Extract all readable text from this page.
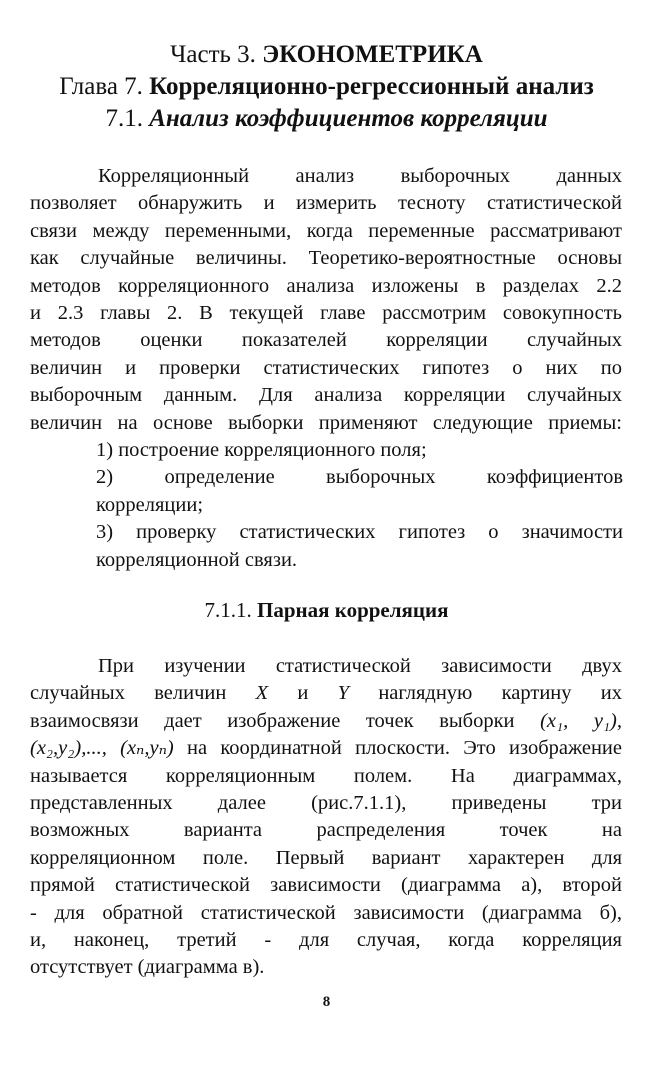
Часть 3. ЭКОНОМЕТРИКА
Глава 7. Корреляционно-регрессионный анализ
7.1. Анализ коэффициентов корреляции
Корреляционный анализ выборочных данных
позволяет обнаружить и измерить тесноту статистической
связи между переменными, когда переменные рассматривают
как случайные величины. Теоретико-вероятностные основы
методов корреляционного анализа изложены в разделах 2.2
и 2.3 главы 2. В текущей главе рассмотрим совокупность
методов оценки показателей корреляции случайных
величин и проверки статистических гипотез о них по
выборочным данным. Для анализа корреляции случайных
величин на основе выборки применяют следующие приемы:
1) построение корреляционного поля;
2) определение выборочных коэффициентов
корреляции;
3) проверку статистических гипотез о значимости
корреляционной связи.
7.1.1. Парная корреляция
При изучении статистической зависимости двух
случайных величин X и Y наглядную картину их
взаимосвязи дает изображение точек выборки (x₁, y₁),
(x₂,y₂),..., (xₙ,yₙ) на координатной плоскости. Это изображение
называется корреляционным полем. На диаграммах,
представленных далее (рис.7.1.1), приведены три
возможных варианта распределения точек на
корреляционном поле. Первый вариант характерен для
прямой статистической зависимости (диаграмма а), второй
- для обратной статистической зависимости (диаграмма б),
и, наконец, третий - для случая, когда корреляция
отсутствует (диаграмма в).
8
